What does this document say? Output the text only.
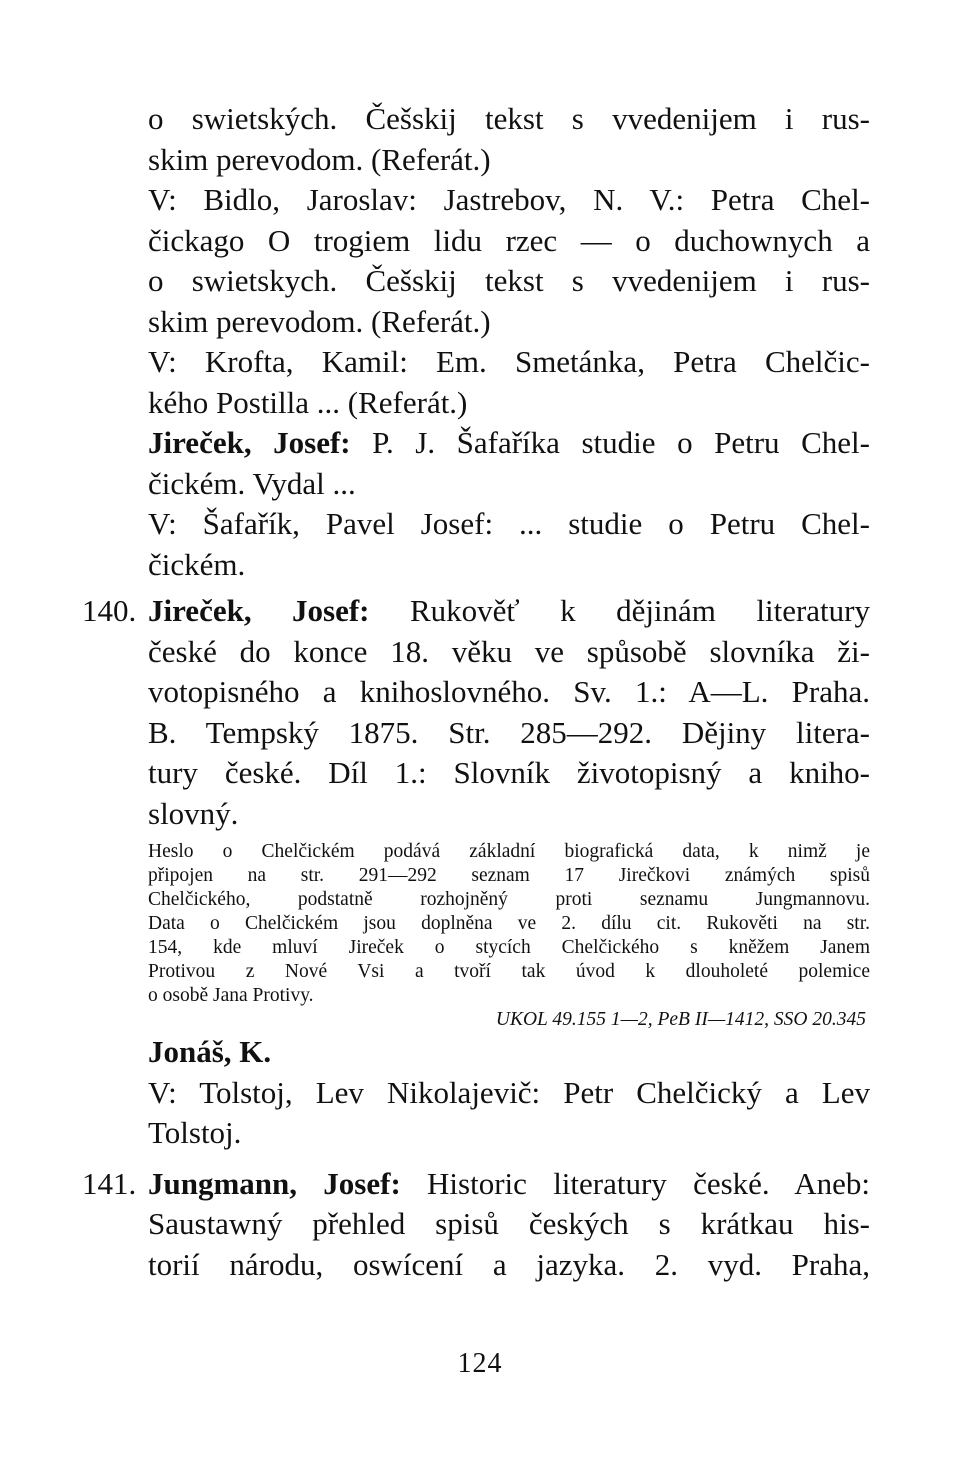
o swietských. Češskij tekst s vvedenijem i rus-
skim perevodom. (Referát.)
V: Bidlo, Jaroslav: Jastrebov, N. V.: Petra Chel-
čickago O trogiem lidu rzec — o duchownych a
o swietskych. Češskij tekst s vvedenijem i rus-
skim perevodom. (Referát.)
V: Krofta, Kamil: Em. Smetánka, Petra Chelčic-
kého Postilla ... (Referát.)
Jireček, Josef: P. J. Šafaříka studie o Petru Chel-
čickém. Vydal ...
V: Šafařík, Pavel Josef: ... studie o Petru Chel-
čickém.
140. Jireček, Josef: Rukověť k dějinám literatury
české do konce 18. věku ve spůsobě slovníka ži-
votopisného a knihoslovného. Sv. 1.: A—L. Praha.
B. Tempský 1875. Str. 285—292. Dějiny litera-
tury české. Díl 1.: Slovník životopisný a kniho-
slovný.
Heslo o Chelčickém podává základní biografická data, k nimž je
připojen na str. 291—292 seznam 17 Jirečkovi známých spisů
Chelčického, podstatně rozhojněný proti seznamu Jungmannovu.
Data o Chelčickém jsou doplněna ve 2. dílu cit. Rukověti na str.
154, kde mluví Jireček o stycích Chelčického s kněžem Janem
Protivou z Nové Vsi a tvoří tak úvod k dlouholeté polemice
o osobě Jana Protivy.
UKOL 49.155 1—2, PeB II—1412, SSO 20.345
Jonáš, K.
V: Tolstoj, Lev Nikolajevič: Petr Chelčický a Lev
Tolstoj.
141. Jungmann, Josef: Historic literatury české. Aneb:
Saustawný přehled spisů českých s krátkau his-
torií národu, oswícení a jazyka. 2. vyd. Praha,
124
